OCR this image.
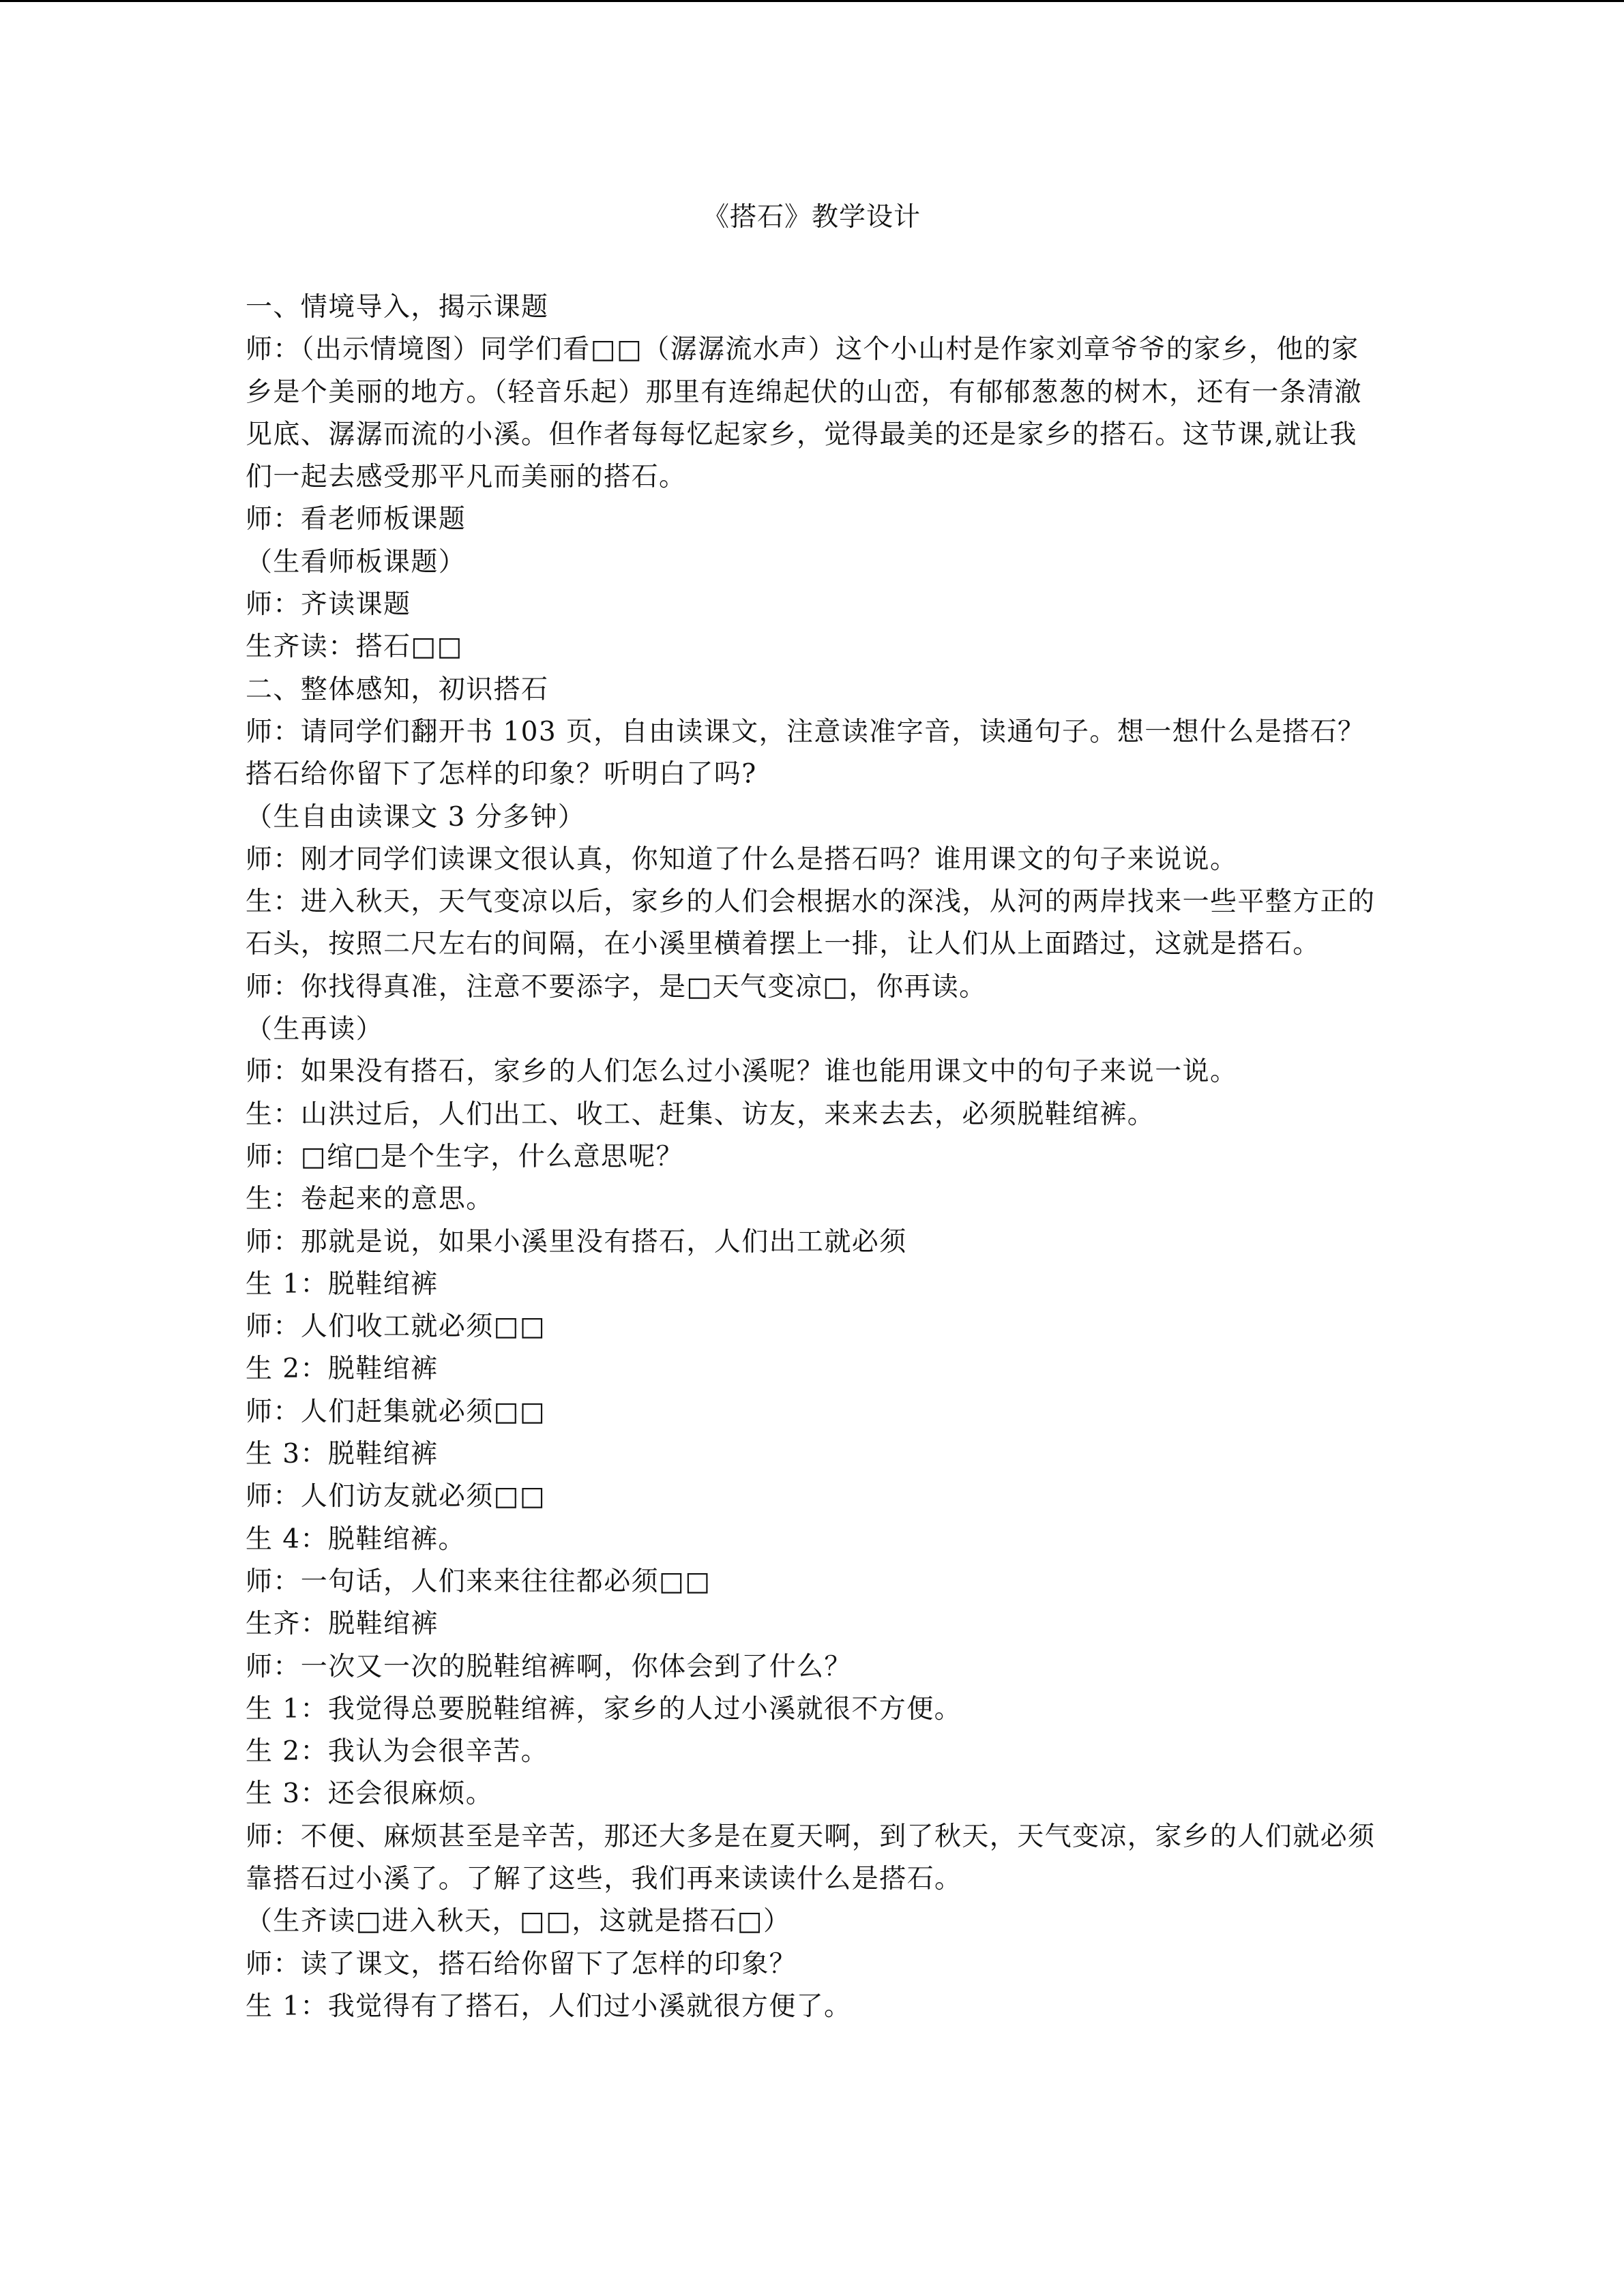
《搭石》教学设计

一、情境导入，揭示课题

师：（出示情境图）同学们看□□（潺潺流水声）这个小山村是作家刘章爷爷的家乡，他的家乡是个美丽的地方。（轻音乐起）那里有连绵起伏的山峦，有郁郁葱葱的树木，还有一条清澈见底、潺潺而流的小溪。但作者每每忆起家乡，觉得最美的还是家乡的搭石。这节课,就让我们一起去感受那平凡而美丽的搭石。

师：看老师板课题

（生看师板课题）

师：齐读课题

生齐读：搭石□□

二、整体感知，初识搭石

师：请同学们翻开书 103 页，自由读课文，注意读准字音，读通句子。想一想什么是搭石？搭石给你留下了怎样的印象？听明白了吗?

（生自由读课文 3 分多钟）

师：刚才同学们读课文很认真，你知道了什么是搭石吗？谁用课文的句子来说说。

生：进入秋天，天气变凉以后，家乡的人们会根据水的深浅，从河的两岸找来一些平整方正的石头，按照二尺左右的间隔，在小溪里横着摆上一排，让人们从上面踏过，这就是搭石。

师：你找得真准，注意不要添字，是□天气变凉□，你再读。

（生再读）

师：如果没有搭石，家乡的人们怎么过小溪呢？谁也能用课文中的句子来说一说。

生：山洪过后，人们出工、收工、赶集、访友，来来去去，必须脱鞋绾裤。

师：□绾□是个生字，什么意思呢？

生：卷起来的意思。

师：那就是说，如果小溪里没有搭石，人们出工就必须

生 1：脱鞋绾裤

师：人们收工就必须□□

生 2：脱鞋绾裤

师：人们赶集就必须□□

生 3：脱鞋绾裤

师：人们访友就必须□□

生 4：脱鞋绾裤。

师：一句话，人们来来往往都必须□□

生齐：脱鞋绾裤

师：一次又一次的脱鞋绾裤啊，你体会到了什么？

生 1：我觉得总要脱鞋绾裤，家乡的人过小溪就很不方便。

生 2：我认为会很辛苦。

生 3：还会很麻烦。

师：不便、麻烦甚至是辛苦，那还大多是在夏天啊，到了秋天，天气变凉，家乡的人们就必须靠搭石过小溪了。了解了这些，我们再来读读什么是搭石。

（生齐读□进入秋天，□□，这就是搭石□）

师：读了课文，搭石给你留下了怎样的印象？

生 1：我觉得有了搭石，人们过小溪就很方便了。
